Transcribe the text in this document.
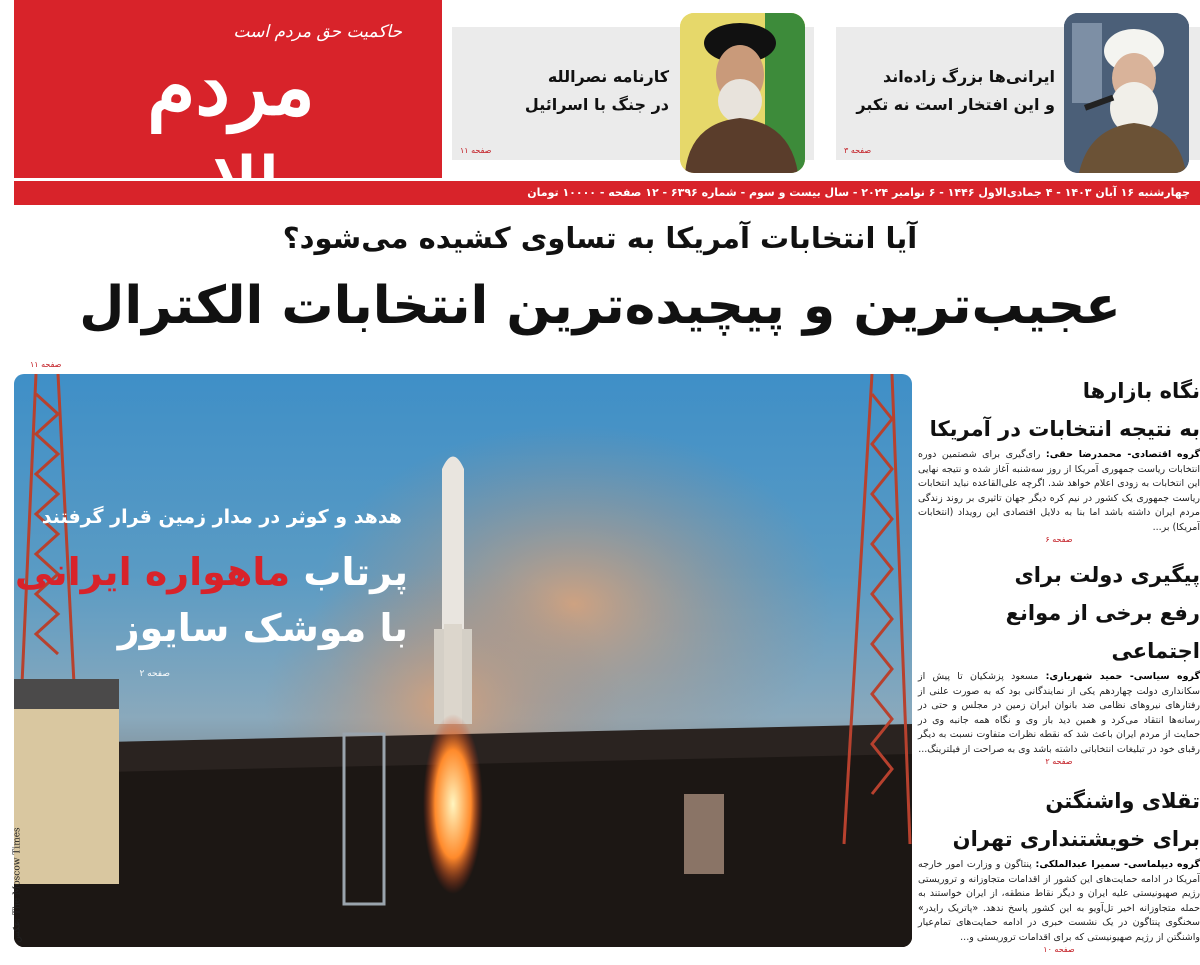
حاکمیت حق مردم است
مردم	کارنامه نصرالله
در جنگ با اسرائیل
صفحه ۱۱
ایرانی‌ها بزرگ زاده‌اند
و این افتخار است نه تکبر
صفحه ۳
چهارشنبه ۱۶ آبان ۱۴۰۳ - ۴ جمادی‌الاول ۱۴۴۶ - ۶ نوامبر ۲۰۲۴ - سال بیست و سوم - شماره ۶۳۹۶ - ۱۲ صفحه - ۱۰۰۰۰ تومان
آیا انتخابات آمریکا به تساوی کشیده می‌شود؟
عجیب‌ترین و پیچیده‌ترین انتخابات الکترال
صفحه ۱۱
هدهد و کوثر در مدار زمین قرار گرفتند
پرتاب ماهواره ایرانی
با موشک سایوز
صفحه ۲
The Moscow Times :عکس
نگاه بازارها
به نتیجه انتخابات در آمریکا
گروه اقتصادی- محمدرضا حقی: رای‌گیری برای شصتمین دوره انتخابات ریاست جمهوری آمریکا از روز سه‌شنبه آغاز شده و نتیجه نهایی این انتخابات به زودی اعلام خواهد شد. اگرچه علی‌القاعده نباید انتخابات ریاست جمهوری یک کشور در نیم کره دیگر جهان تاثیری بر روند زندگی مردم ایران داشته باشد اما بنا به دلایل اقتصادی این رویداد (انتخابات آمریکا) بر...
صفحه ۶
پیگیری دولت برای
رفع برخی از موانع اجتماعی
گروه سیاسی- حمید شهریاری: مسعود پزشکیان تا پیش از سکانداری دولت چهاردهم یکی از نمایندگانی بود که به صورت علنی از رفتارهای نیروهای نظامی ضد بانوان ایران زمین در مجلس و حتی در رسانه‌ها انتقاد می‌کرد و همین دید باز وی و نگاه همه جانبه وی در حمایت از مردم ایران باعث شد که نقطه نظرات متفاوت نسبت به دیگر رقبای خود در تبلیغات انتخاباتی داشته باشد وی به صراحت از فیلترینگ...
صفحه ۲
تقلای واشنگتن
برای خویشتنداری تهران
گروه دیپلماسی- سمیرا عبدالملکی: پنتاگون و وزارت امور خارجه آمریکا در ادامه حمایت‌های این کشور از اقدامات متجاوزانه و تروریستی رژیم صهیونیستی علیه ایران و دیگر نقاط منطقه، از ایران خواستند به حمله متجاوزانه اخیر تل‌آویو به این کشور پاسخ ندهد. «پاتریک رایدر» سخنگوی پنتاگون در یک نشست خبری در ادامه حمایت‌های تمام‌عیار واشنگتن از رژیم صهیونیستی که برای اقدامات تروریستی و...
صفحه ۱۰
